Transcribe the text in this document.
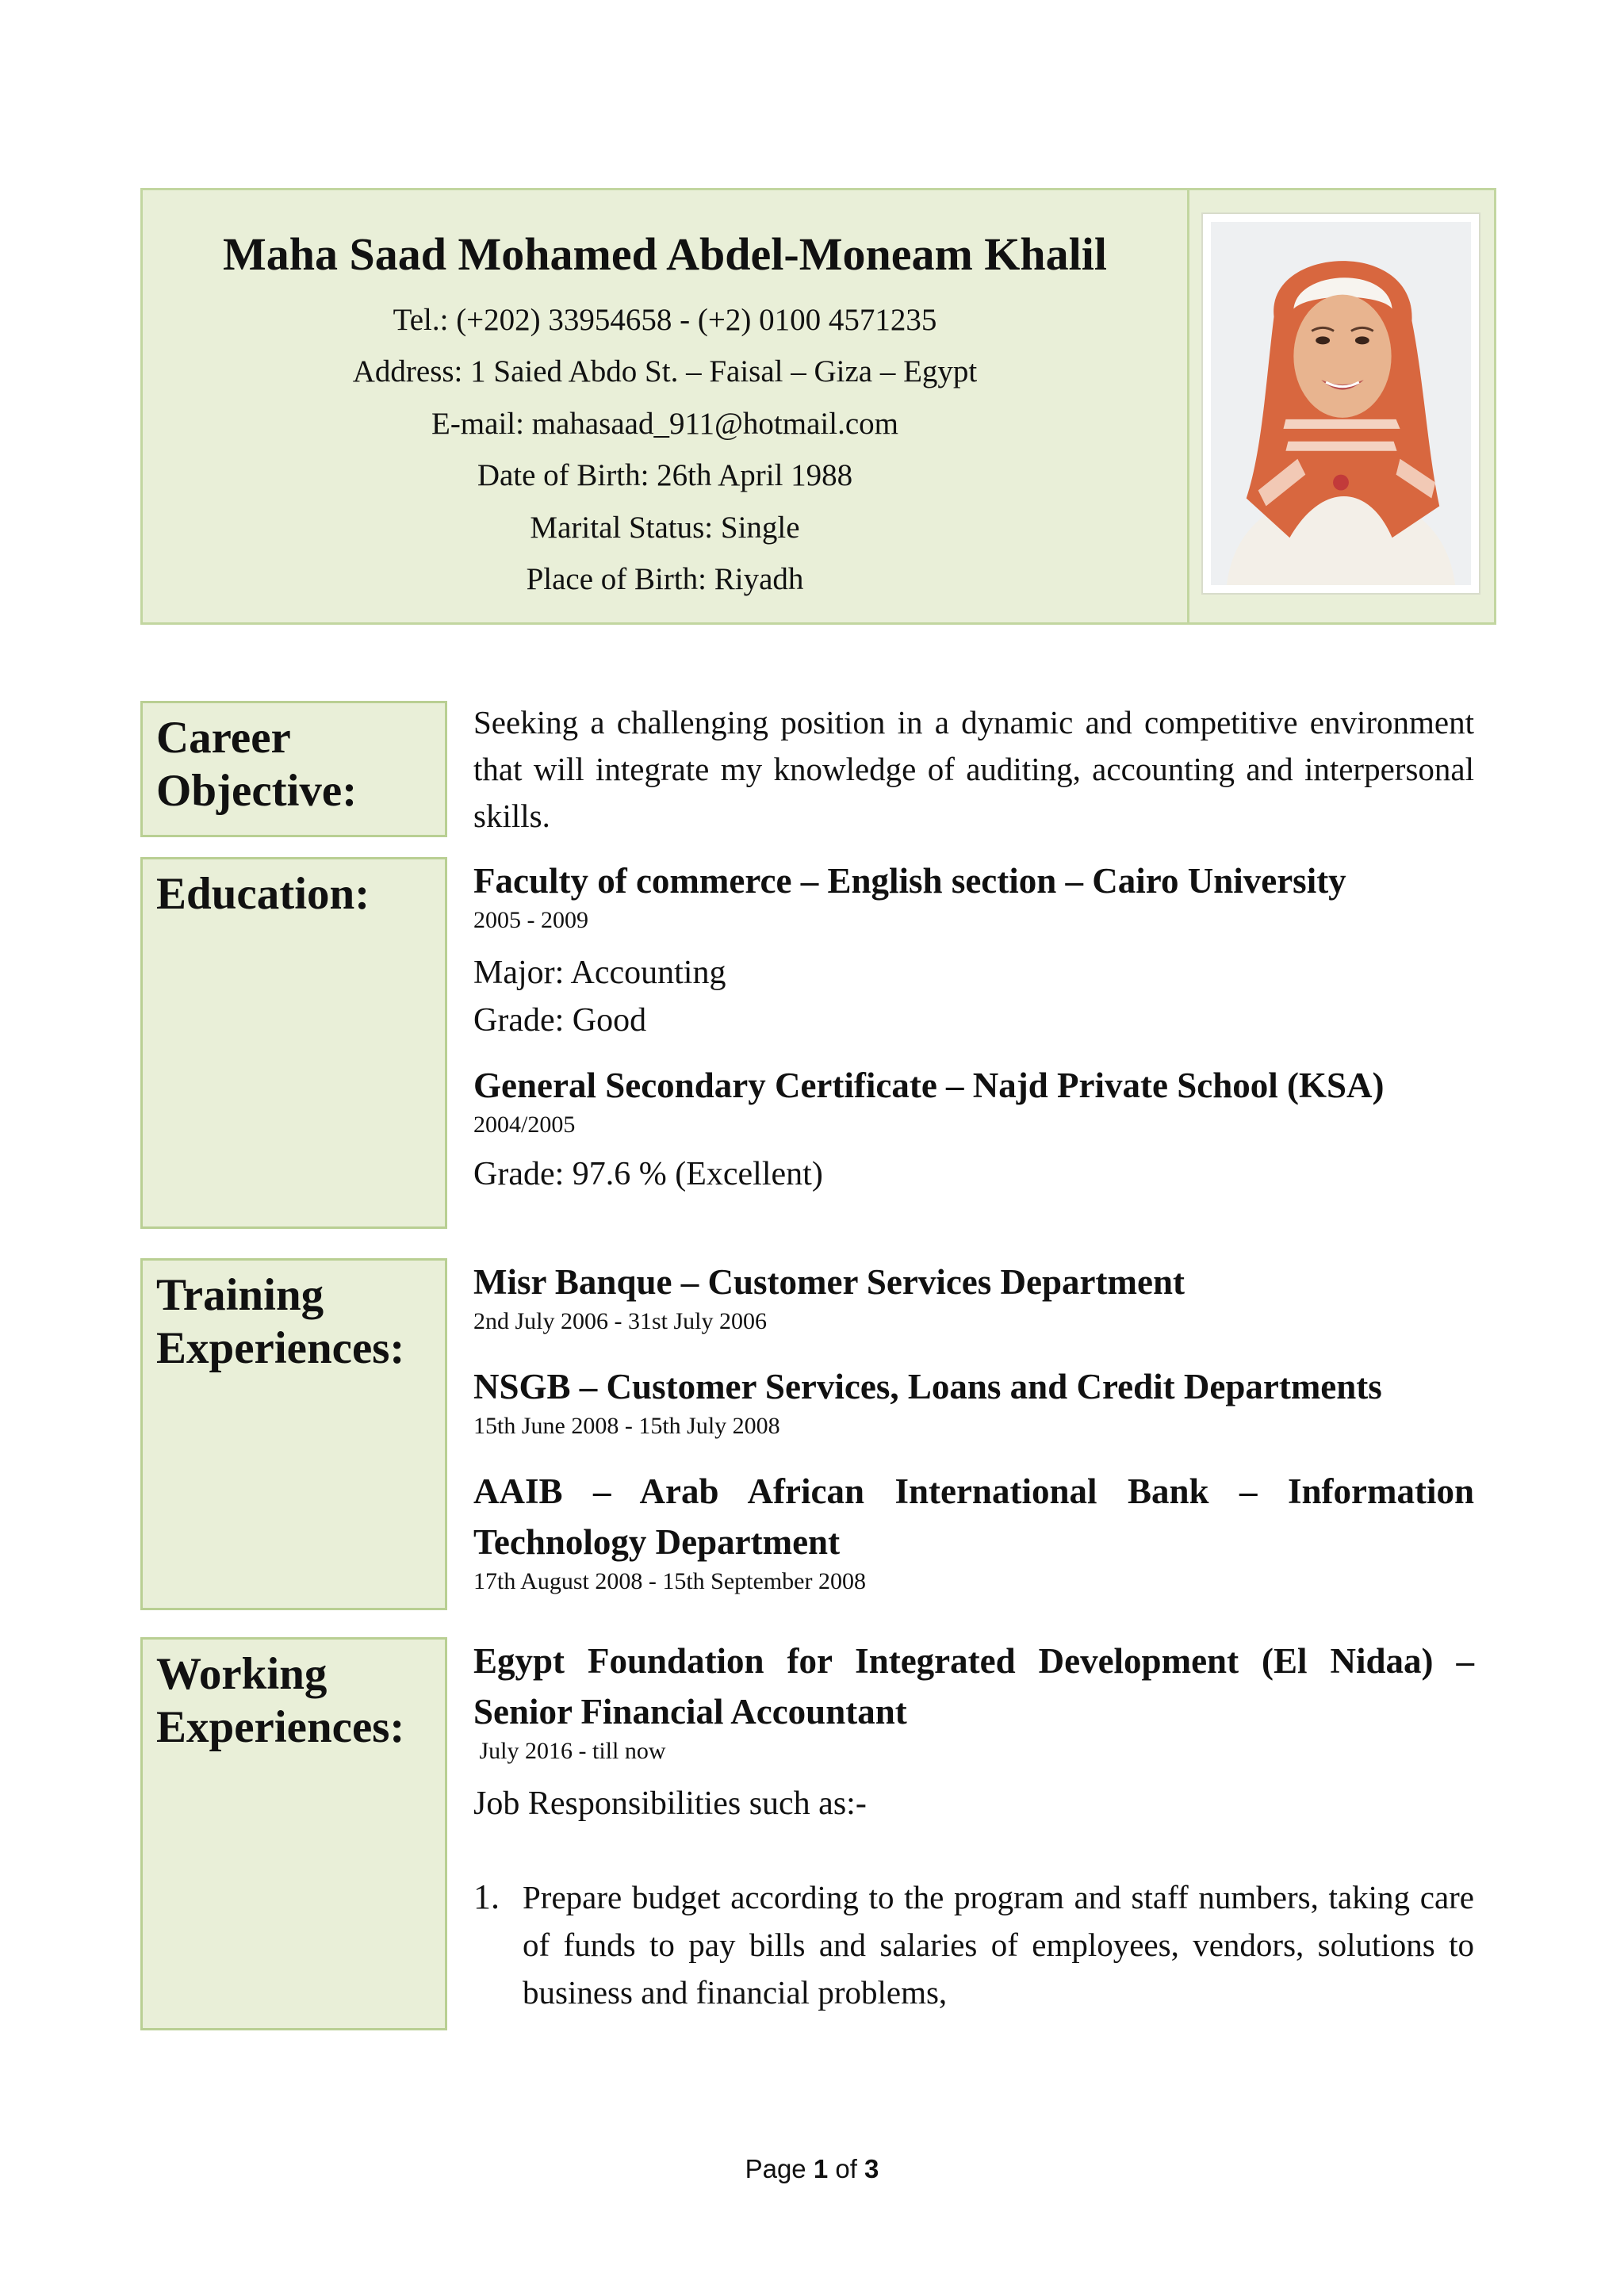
Maha Saad Mohamed Abdel-Moneam Khalil
Tel.: (+202) 33954658 - (+2) 0100 4571235
Address: 1 Saied Abdo St. – Faisal – Giza – Egypt
E-mail: mahasaad_911@hotmail.com
Date of Birth: 26th April 1988
Marital Status: Single
Place of Birth: Riyadh
Career
Objective:

Seeking a challenging position in a dynamic and competitive environment that will integrate my knowledge of auditing, accounting and interpersonal skills.

Education:	Faculty of commerce – English section – Cairo University

2005 - 2009

Major: Accounting

Grade: Good

General Secondary Certificate – Najd Private School (KSA)

2004/2005

Grade: 97.6 % (Excellent)

Training
Experiences:

Misr Banque – Customer Services Department

2nd July 2006 - 31st July 2006

NSGB – Customer Services, Loans and Credit Departments

15th June 2008 - 15th July 2008

AAIB – Arab African International Bank – Information Technology Department

17th August 2008 - 15th September 2008

Working
Experiences:

Egypt Foundation for Integrated Development (El Nidaa) – Senior Financial Accountant

July 2016 - till now

Job Responsibilities such as:-

1. Prepare budget according to the program and staff numbers, taking care of funds to pay bills and salaries of employees, vendors, solutions to business and financial problems,
Page 1 of 3
